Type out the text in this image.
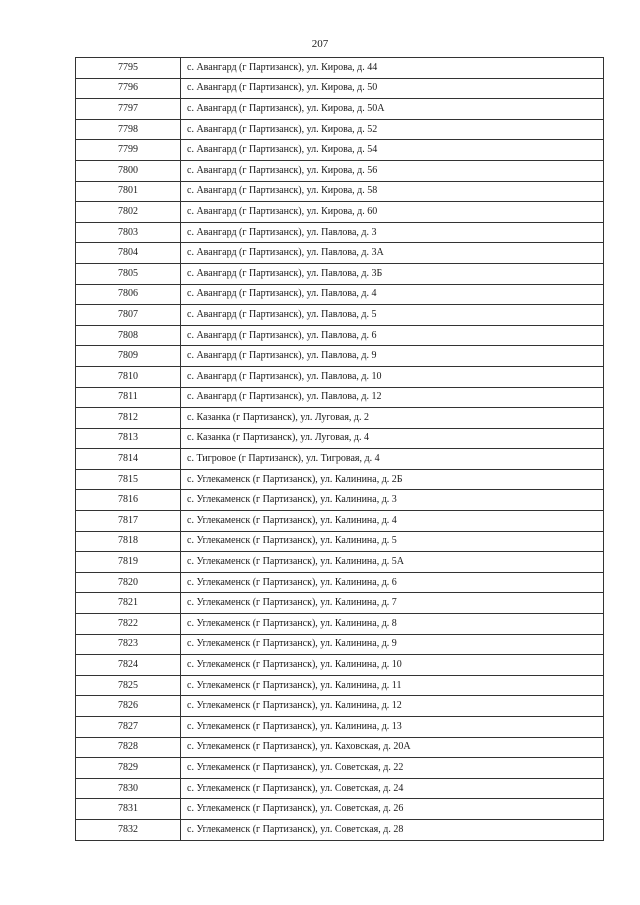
207
7795	с. Авангард (г Партизанск), ул. Кирова, д. 44
7796	с. Авангард (г Партизанск), ул. Кирова, д. 50
7797	с. Авангард (г Партизанск), ул. Кирова, д. 50А
7798	с. Авангард (г Партизанск), ул. Кирова, д. 52
7799	с. Авангард (г Партизанск), ул. Кирова, д. 54
7800	с. Авангард (г Партизанск), ул. Кирова, д. 56
7801	с. Авангард (г Партизанск), ул. Кирова, д. 58
7802	с. Авангард (г Партизанск), ул. Кирова, д. 60
7803	с. Авангард (г Партизанск), ул. Павлова, д. 3
7804	с. Авангард (г Партизанск), ул. Павлова, д. 3А
7805	с. Авангард (г Партизанск), ул. Павлова, д. 3Б
7806	с. Авангард (г Партизанск), ул. Павлова, д. 4
7807	с. Авангард (г Партизанск), ул. Павлова, д. 5
7808	с. Авангард (г Партизанск), ул. Павлова, д. 6
7809	с. Авангард (г Партизанск), ул. Павлова, д. 9
7810	с. Авангард (г Партизанск), ул. Павлова, д. 10
7811	с. Авангард (г Партизанск), ул. Павлова, д. 12
7812	с. Казанка (г Партизанск), ул. Луговая, д. 2
7813	с. Казанка (г Партизанск), ул. Луговая, д. 4
7814	с. Тигровое (г Партизанск), ул. Тигровая, д. 4
7815	с. Углекаменск (г Партизанск), ул. Калинина, д. 2Б
7816	с. Углекаменск (г Партизанск), ул. Калинина, д. 3
7817	с. Углекаменск (г Партизанск), ул. Калинина, д. 4
7818	с. Углекаменск (г Партизанск), ул. Калинина, д. 5
7819	с. Углекаменск (г Партизанск), ул. Калинина, д. 5А
7820	с. Углекаменск (г Партизанск), ул. Калинина, д. 6
7821	с. Углекаменск (г Партизанск), ул. Калинина, д. 7
7822	с. Углекаменск (г Партизанск), ул. Калинина, д. 8
7823	с. Углекаменск (г Партизанск), ул. Калинина, д. 9
7824	с. Углекаменск (г Партизанск), ул. Калинина, д. 10
7825	с. Углекаменск (г Партизанск), ул. Калинина, д. 11
7826	с. Углекаменск (г Партизанск), ул. Калинина, д. 12
7827	с. Углекаменск (г Партизанск), ул. Калинина, д. 13
7828	с. Углекаменск (г Партизанск), ул. Каховская, д. 20А
7829	с. Углекаменск (г Партизанск), ул. Советская, д. 22
7830	с. Углекаменск (г Партизанск), ул. Советская, д. 24
7831	с. Углекаменск (г Партизанск), ул. Советская, д. 26
7832	с. Углекаменск (г Партизанск), ул. Советская, д. 28
